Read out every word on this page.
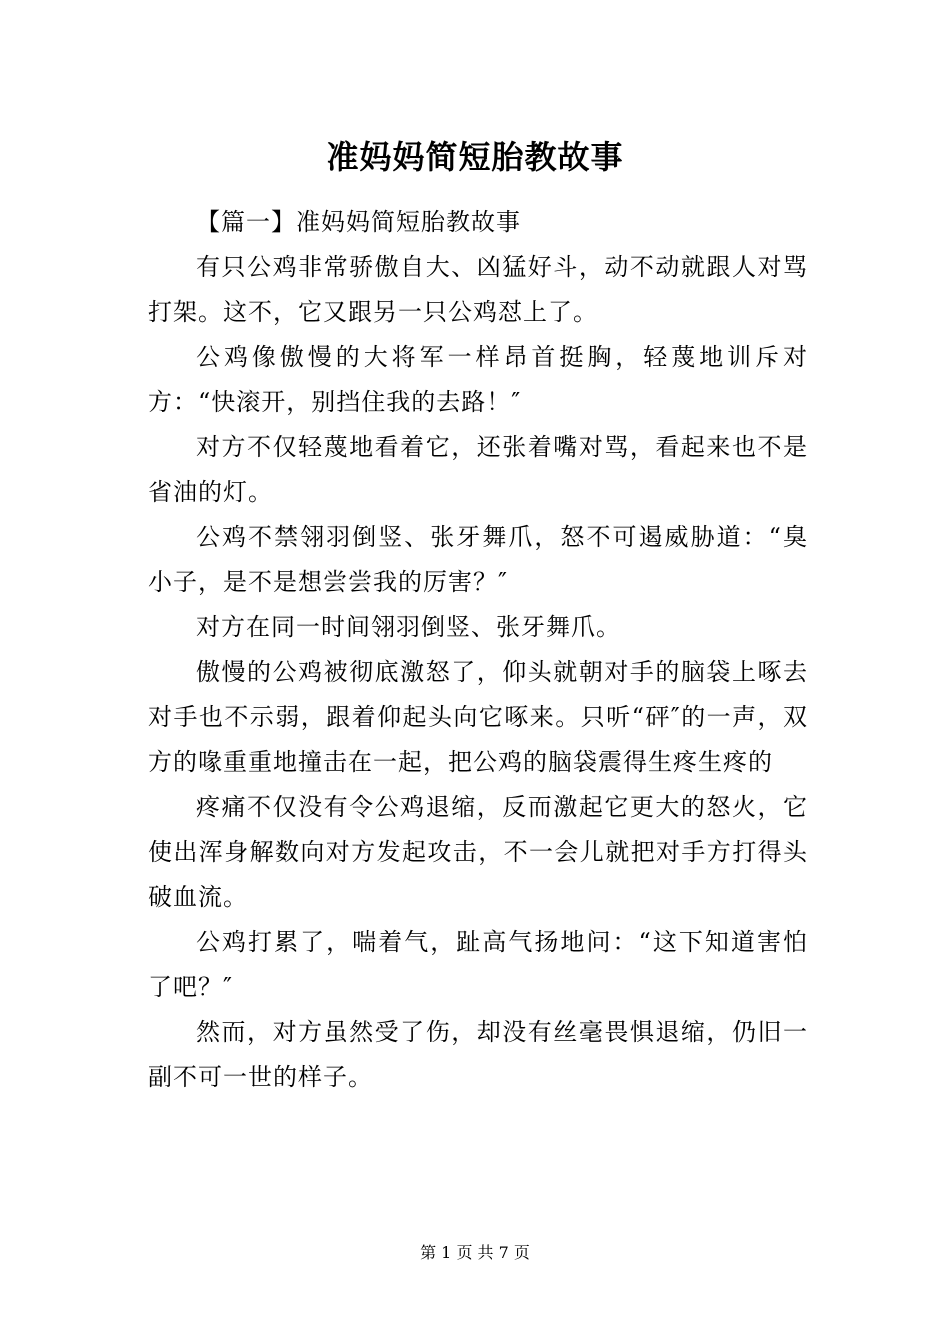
准妈妈简短胎教故事

【篇一】准妈妈简短胎教故事

有只公鸡非常骄傲自大、凶猛好斗，动不动就跟人对骂打架。这不，它又跟另一只公鸡怼上了。

公鸡像傲慢的大将军一样昂首挺胸，轻蔑地训斥对方：“快滚开，别挡住我的去路！″

对方不仅轻蔑地看着它，还张着嘴对骂，看起来也不是省油的灯。

公鸡不禁翎羽倒竖、张牙舞爪，怒不可遏威胁道：“臭小子，是不是想尝尝我的厉害？″

对方在同一时间翎羽倒竖、张牙舞爪。

傲慢的公鸡被彻底激怒了，仰头就朝对手的脑袋上啄去对手也不示弱，跟着仰起头向它啄来。只听“砰″的一声，双方的喙重重地撞击在一起，把公鸡的脑袋震得生疼生疼的

疼痛不仅没有令公鸡退缩，反而激起它更大的怒火，它使出浑身解数向对方发起攻击，不一会儿就把对手方打得头破血流。

公鸡打累了，喘着气，趾高气扬地问：“这下知道害怕了吧？″

然而，对方虽然受了伤，却没有丝毫畏惧退缩，仍旧一副不可一世的样子。

第 1 页 共 7 页
